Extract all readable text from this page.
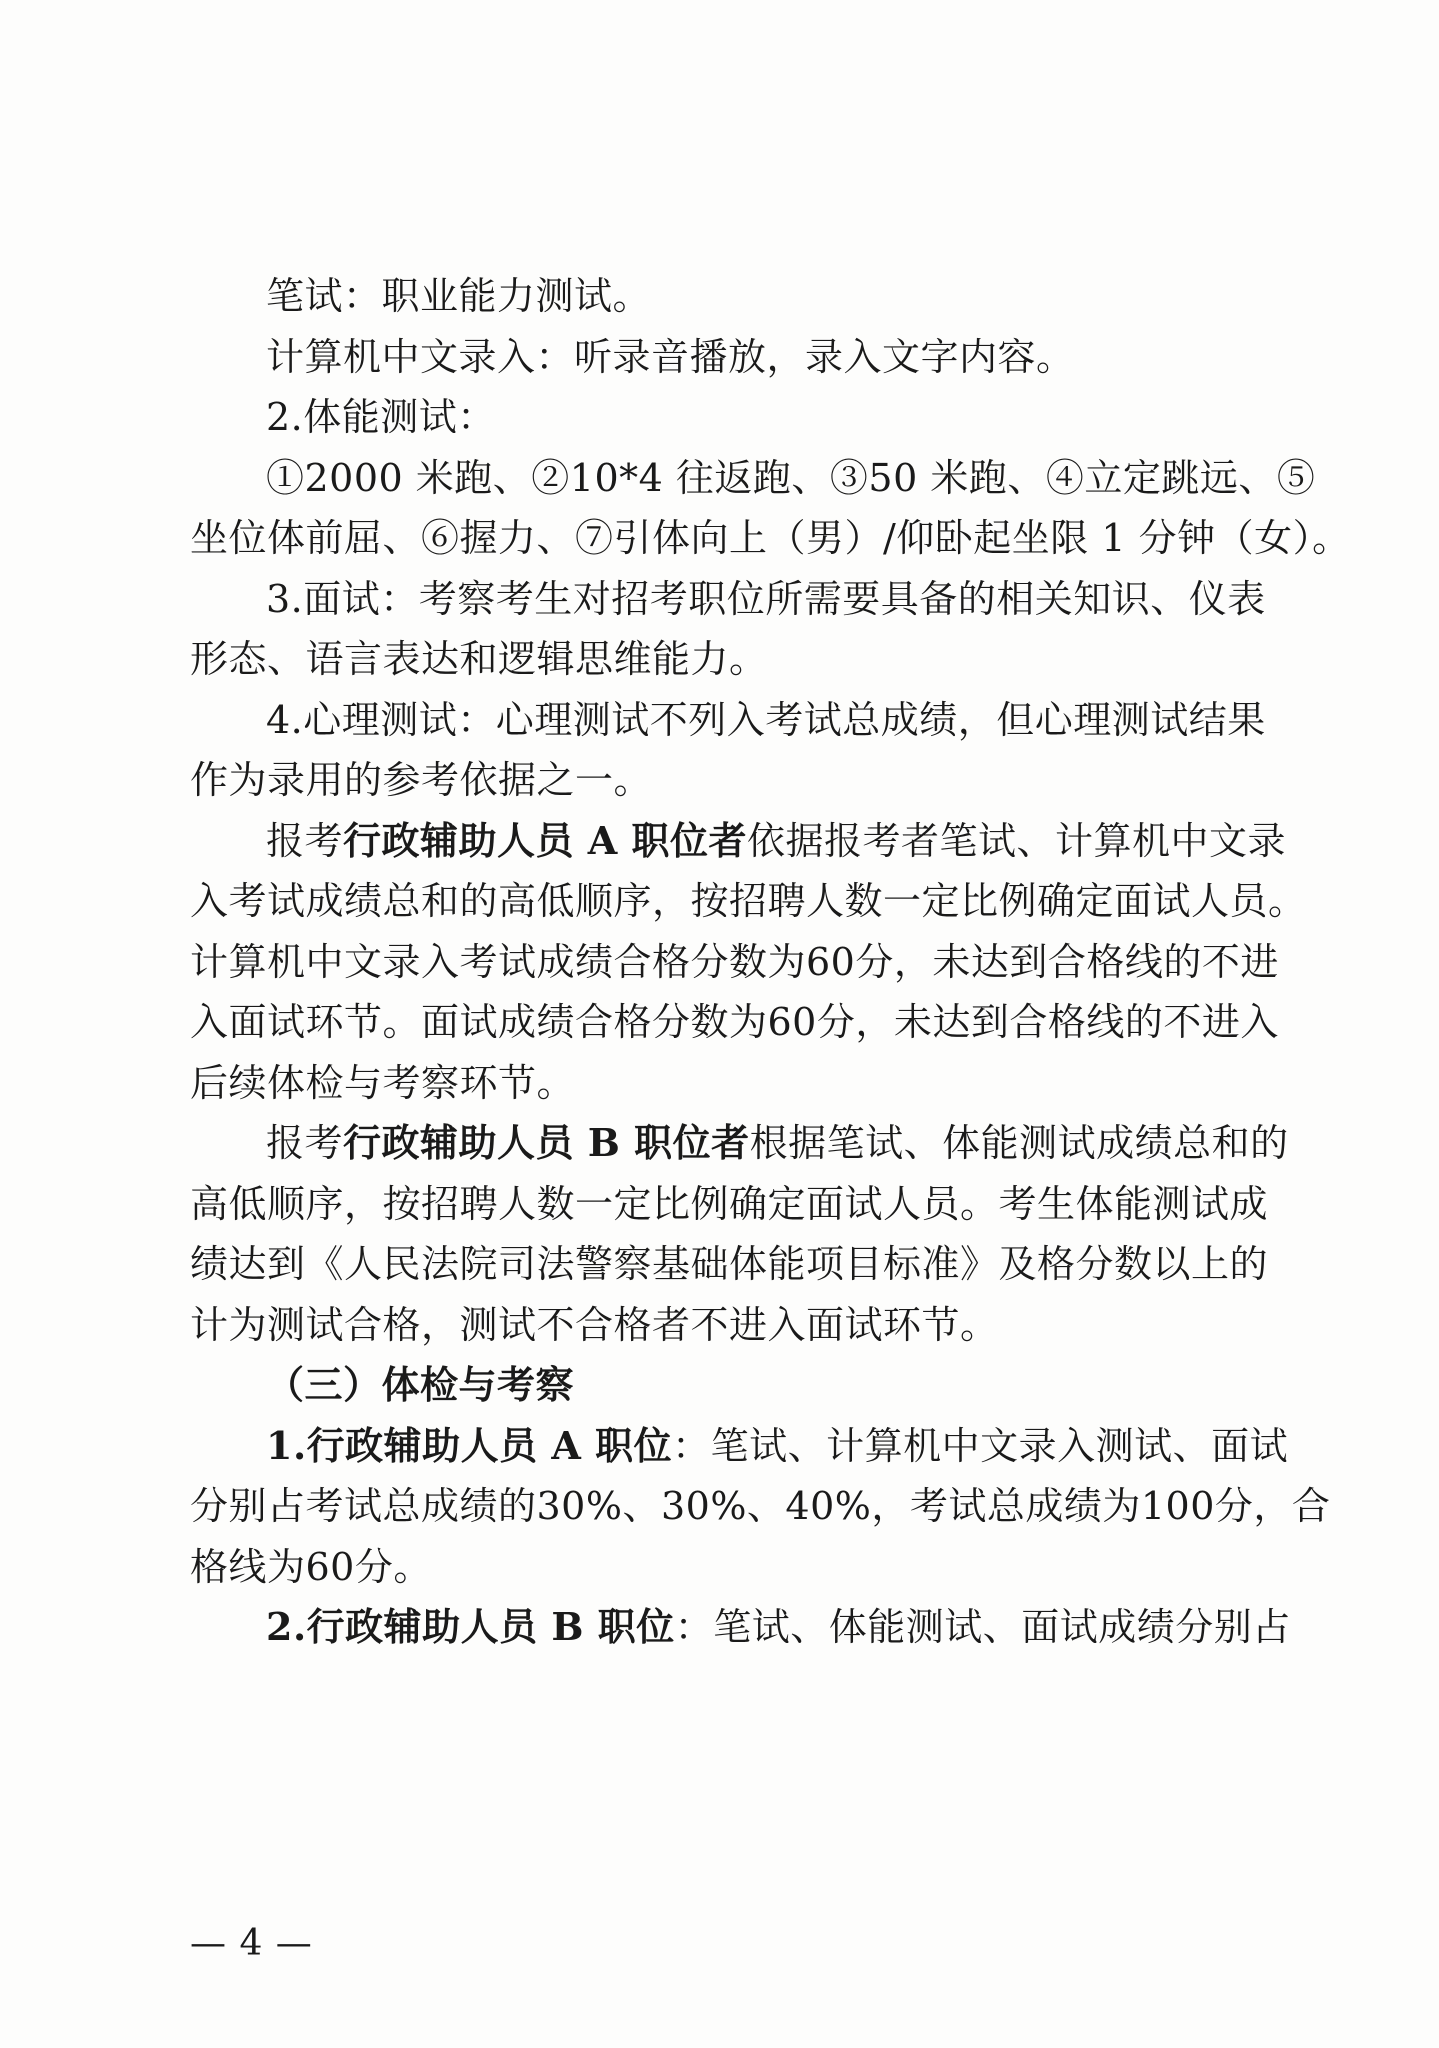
笔试：职业能力测试。
计算机中文录入：听录音播放，录入文字内容。
2.体能测试：
①2000 米跑、②10*4 往返跑、③50 米跑、④立定跳远、⑤
坐位体前屈、⑥握力、⑦引体向上（男）/仰卧起坐限 1 分钟（女）。
3.面试：考察考生对招考职位所需要具备的相关知识、仪表
形态、语言表达和逻辑思维能力。
4.心理测试：心理测试不列入考试总成绩，但心理测试结果
作为录用的参考依据之一。
报考行政辅助人员 A 职位者依据报考者笔试、计算机中文录
入考试成绩总和的高低顺序，按招聘人数一定比例确定面试人员。
计算机中文录入考试成绩合格分数为60分，未达到合格线的不进
入面试环节。面试成绩合格分数为60分，未达到合格线的不进入
后续体检与考察环节。
报考行政辅助人员 B 职位者根据笔试、体能测试成绩总和的
高低顺序，按招聘人数一定比例确定面试人员。考生体能测试成
绩达到《人民法院司法警察基础体能项目标准》及格分数以上的
计为测试合格，测试不合格者不进入面试环节。
（三）体检与考察
1.行政辅助人员 A 职位：笔试、计算机中文录入测试、面试
分别占考试总成绩的30%、30%、40%，考试总成绩为100分，合
格线为60分。
2.行政辅助人员 B 职位：笔试、体能测试、面试成绩分别占
— 4 —
